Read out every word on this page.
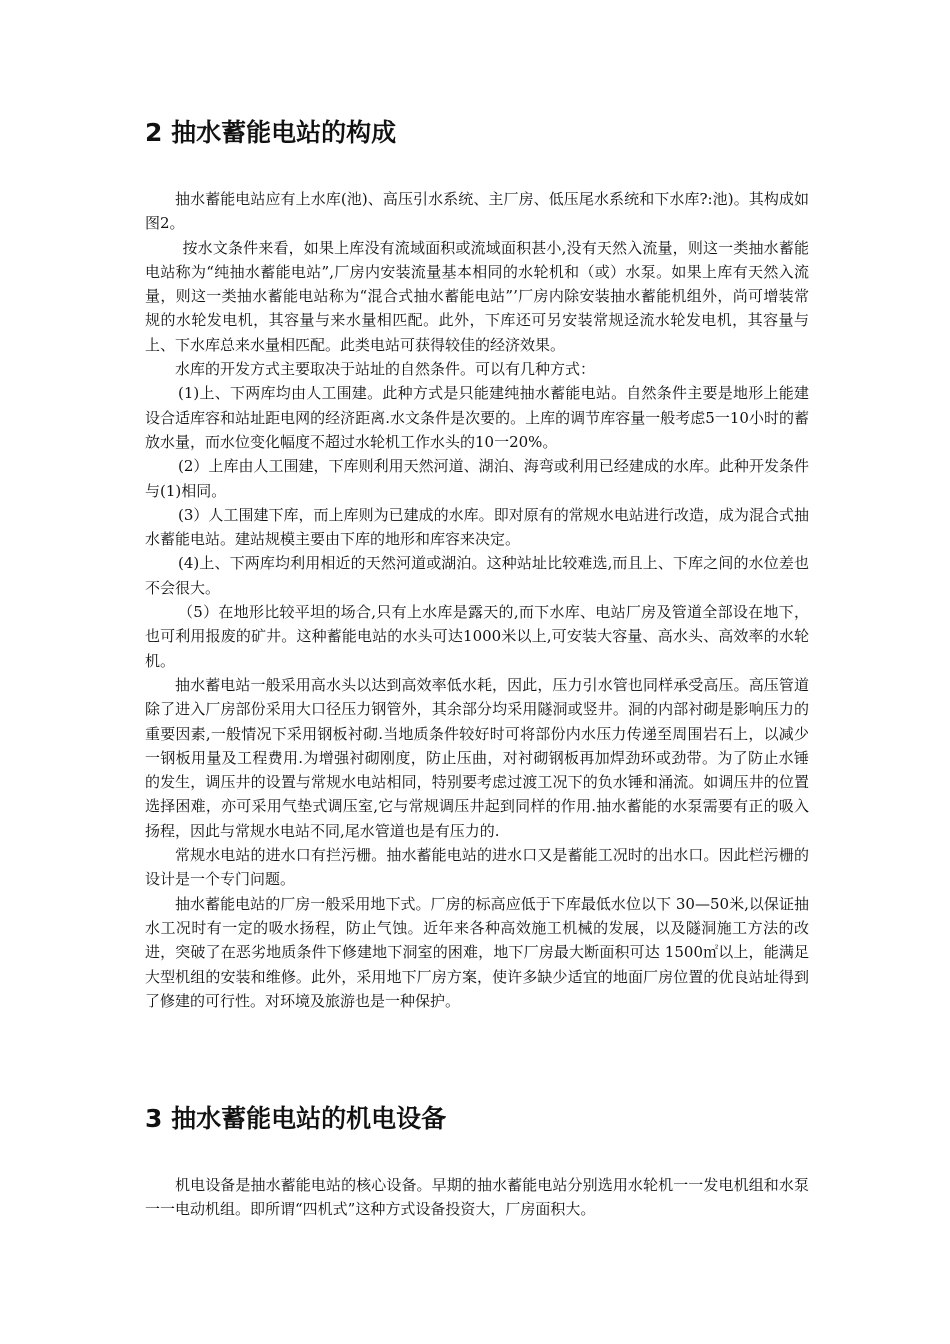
2 抽水蓄能电站的构成

抽水蓄能电站应有上水库(池)、高压引水系统、主厂房、低压尾水系统和下水库?:池)。其构成如图2。

按水文条件来看，如果上库没有流域面积或流域面积甚小,没有天然入流量，则这一类抽水蓄能电站称为“纯抽水蓄能电站”,厂房内安装流量基本相同的水轮机和（或）水泵。如果上库有天然入流量，则这一类抽水蓄能电站称为“混合式抽水蓄能电站”’厂房内除安装抽水蓄能机组外，尚可增装常规的水轮发电机，其容量与来水量相匹配。此外，下库还可另安装常规迳流水轮发电机，其容量与上、下水库总来水量相匹配。此类电站可获得较佳的经济效果。

水库的开发方式主要取决于站址的自然条件。可以有几种方式：

(1)上、下两库均由人工围建。此种方式是只能建纯抽水蓄能电站。自然条件主要是地形上能建设合适库容和站址距电网的经济距离.水文条件是次要的。上库的调节库容量一般考虑5一10小时的蓄放水量，而水位变化幅度不超过水轮机工作水头的10一20%。

(2）上库由人工围建，下库则利用天然河道、湖泊、海弯或利用已经建成的水库。此种开发条件与(1)相同。

(3）人工围建下库，而上库则为已建成的水库。即对原有的常规水电站进行改造，成为混合式抽水蓄能电站。建站规模主要由下库的地形和库容来决定。

(4)上、下两库均利用相近的天然河道或湖泊。这种站址比较难选,而且上、下库之间的水位差也不会很大。

（5）在地形比较平坦的场合,只有上水库是露天的,而下水库、电站厂房及管道全部设在地下，也可利用报废的矿井。这种蓄能电站的水头可达1000米以上,可安装大容量、高水头、高效率的水轮机。

抽水蓄电站一般采用高水头以达到高效率低水耗，因此，压力引水管也同样承受高压。高压管道除了进入厂房部份采用大口径压力钢管外，其余部分均采用隧洞或竖井。洞的内部衬砌是影响压力的重要因素,一般情况下采用钢板衬砌.当地质条件较好时可将部份内水压力传递至周围岩石上，以减少一钢板用量及工程费用.为增强衬砌刚度，防止压曲，对衬砌钢板再加焊劲环或劲带。为了防止水锤的发生，调压井的设置与常规水电站相同，特别要考虑过渡工况下的负水锤和涌流。如调压井的位置选择困难，亦可采用气垫式调压室,它与常规调压井起到同样的作用.抽水蓄能的水泵需要有正的吸入扬程，因此与常规水电站不同,尾水管道也是有压力的.

常规水电站的进水口有拦污栅。抽水蓄能电站的进水口又是蓄能工况时的出水口。因此栏污栅的设计是一个专门问题。

抽水蓄能电站的厂房一般采用地下式。厂房的标高应低于下库最低水位以下 30—50米,以保证抽水工况时有一定的吸水扬程，防止气蚀。近年来各种高效施工机械的发展，以及隧洞施工方法的改进，突破了在恶劣地质条件下修建地下洞室的困难，地下厂房最大断面积可达 1500㎡以上，能满足大型机组的安装和维修。此外，采用地下厂房方案，使许多缺少适宜的地面厂房位置的优良站址得到了修建的可行性。对环境及旅游也是一种保护。

3 抽水蓄能电站的机电设备

机电设备是抽水蓄能电站的核心设备。早期的抽水蓄能电站分别选用水轮机一一发电机组和水泵一一电动机组。即所谓“四机式”这种方式设备投资大，厂房面积大。
